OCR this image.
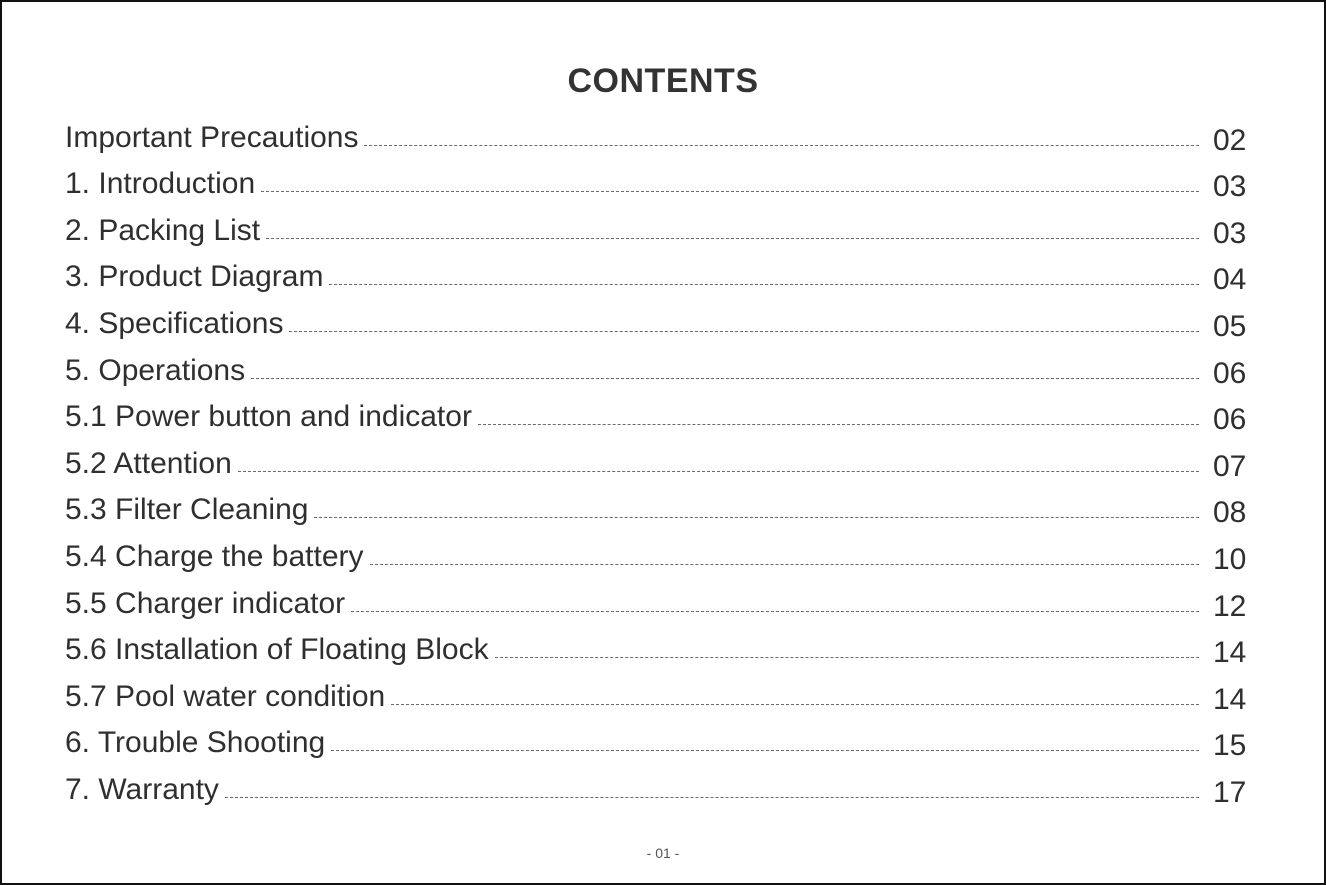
CONTENTS
Important Precautions	02
1. Introduction	03
2. Packing List	03
3. Product Diagram	04
4. Specifications	05
5. Operations	06
5.1 Power button and indicator	06
5.2 Attention	07
5.3 Filter Cleaning	08
5.4 Charge the battery	10
5.5 Charger indicator	12
5.6 Installation of Floating Block	14
5.7 Pool water condition	14
6. Trouble Shooting	15
7. Warranty	17
- 01 -
